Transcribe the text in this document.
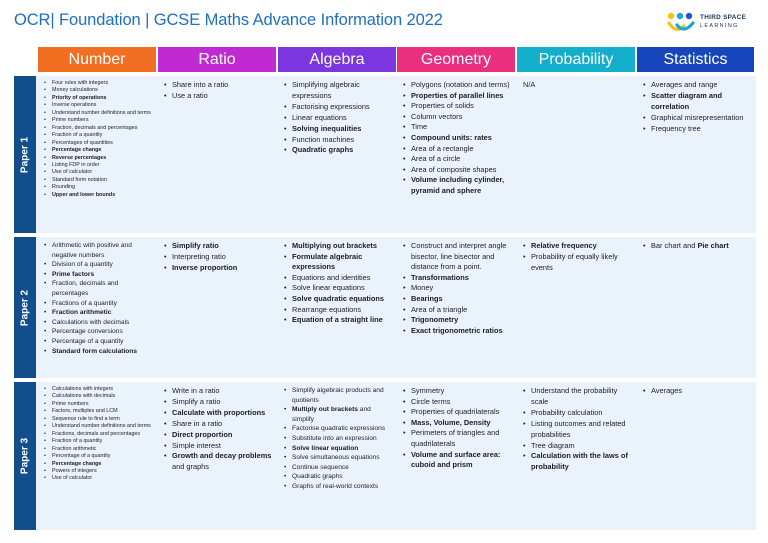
OCR| Foundation | GCSE Maths Advance Information 2022	THIRD SPACE
LEARNING
Number	Ratio	Algebra	Geometry	Probability	Statistics
Paper 1
• Four rules with integers
• Money calculations
• Priority of operations
• Inverse operations
• Understand number definitions and terms
• Prime numbers
• Fraction, decimals and percentages
• Fraction of a quantity
• Percentages of quantities
• Percentage change
• Reverse percentages
• Listing FDP in order
• Use of calculator
• Standard form notation
• Rounding
• Upper and lower bounds
• Share into a ratio
• Use a ratio
• Simplifying algebraic expressions
• Factorising expressions
• Linear equations
• Solving inequalities
• Function machines
• Quadratic graphs
• Polygons (notation and terms)
• Properties of parallel lines
• Properties of solids
• Column vectors
• Time
• Compound units: rates
• Area of a rectangle
• Area of a circle
• Area of composite shapes
• Volume including cylinder, pyramid and sphere
N/A
•	Averages and range
• Scatter diagram and correlation
• Graphical misrepresentation
• Frequency tree
Paper 2
• Arithmetic with positive and negative numbers
• Division of a quantity
• Prime factors
• Fraction, decimals and percentages
• Fractions of a quantity
• Fraction arithmetic
• Calculations with decimals
• Percentage conversions
• Percentage of a quantity
• Standard form calculations
• Simplify ratio
• Interpreting ratio
• Inverse proportion
• Multiplying out brackets
• Formulate algebraic expressions
• Equations and identities
• Solve linear equations
• Solve quadratic equations
• Rearrange equations
• Equation of a straight line
• Construct and interpret angle bisector, line bisector and distance from a point.
• Transformations
• Money
• Bearings
• Area of a triangle
• Trigonometry
• Exact trigonometric ratios
• Relative frequency
• Probability of equally likely events
• Bar chart and Pie chart
Paper 3
• Calculations with integers
• Calculations with decimals
• Prime numbers
• Factors, multiples and LCM
• Sequence rule to find a term
• Understand number definitions and terms
• Fractions, decimals and percentages
• Fraction of a quantity
• Fraction arithmetic
• Percentage of a quantity
• Percentage change
• Powers of integers
• Use of calculator
• Write in a ratio
• Simplify a ratio
• Calculate with proportions
• Share in a ratio
• Direct proportion
• Simple interest
• Growth and decay problems and graphs
• Simplify algebraic products and quotients
• Multiply out brackets and simplify
• Factorise quadratic expressions
• Substitute into an expression
• Solve linear equation
• Solve simultaneous equations
• Continue sequence
• Quadratic graphs
• Graphs of real-world contexts
• Symmetry
• Circle terms
• Properties of quadrilaterals
• Mass, Volume, Density
• Perimeters of triangles and quadrilaterals
• Volume and surface area: cuboid and prism
• Understand the probability scale
• Probability calculation
• Listing outcomes and related probabilities
• Tree diagram
• Calculation with the laws of probability
• Averages
